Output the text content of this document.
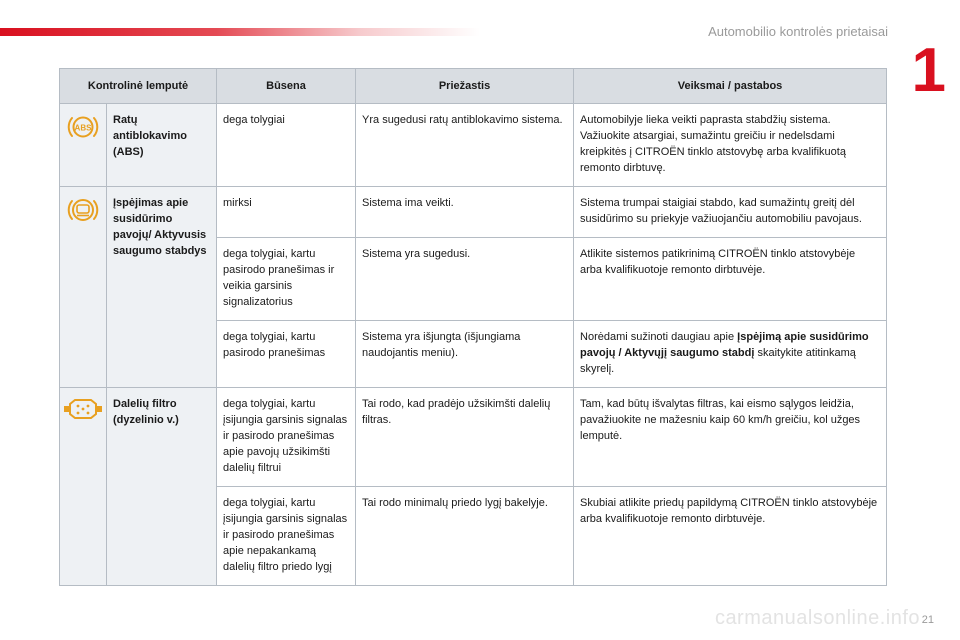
Automobilio kontrolės prietaisai
1
Kontrolinė lemputė		Būsena	Priežastis	Veiksmai / pastabos

ABS	Ratų antiblokavimo (ABS)	dega tolygiai	Yra sugedusi ratų antiblokavimo sistema.	Automobilyje lieka veikti paprasta stabdžių sistema. Važiuokite atsargiai, sumažintu greičiu ir nedelsdami kreipkitės į CITROËN tinklo atstovybę arba kvalifikuotą remonto dirbtuvę.
	Įspėjimas apie susidūrimo pavojų/ Aktyvusis saugumo stabdys	mirksi	Sistema ima veikti.	Sistema trumpai staigiai stabdo, kad sumažintų greitį dėl susidūrimo su priekyje važiuojančiu automobiliu pavojaus.
		dega tolygiai, kartu pasirodo pranešimas ir veikia garsinis signalizatorius	Sistema yra sugedusi.	Atlikite sistemos patikrinimą CITROËN tinklo atstovybėje arba kvalifikuotoje remonto dirbtuvėje.
		dega tolygiai, kartu pasirodo pranešimas	Sistema yra išjungta (išjungiama naudojantis meniu).	Norėdami sužinoti daugiau apie Įspėjimą apie susidūrimo pavojų / Aktyvųjį saugumo stabdį skaitykite atitinkamą skyrelį.
	Dalelių filtro (dyzelinio v.)	dega tolygiai, kartu įsijungia garsinis signalas ir pasirodo pranešimas apie pavojų užsikimšti dalelių filtrui	Tai rodo, kad pradėjo užsikimšti dalelių filtras.	Tam, kad būtų išvalytas filtras, kai eismo sąlygos leidžia, pavažiuokite ne mažesniu kaip 60 km/h greičiu, kol užges lemputė.
		dega tolygiai, kartu įsijungia garsinis signalas ir pasirodo pranešimas apie nepakankamą dalelių filtro priedo lygį	Tai rodo minimalų priedo lygį bakelyje.	Skubiai atlikite priedų papildymą CITROËN tinklo atstovybėje arba kvalifikuotoje remonto dirbtuvėje.
carmanualsonline.info 21
